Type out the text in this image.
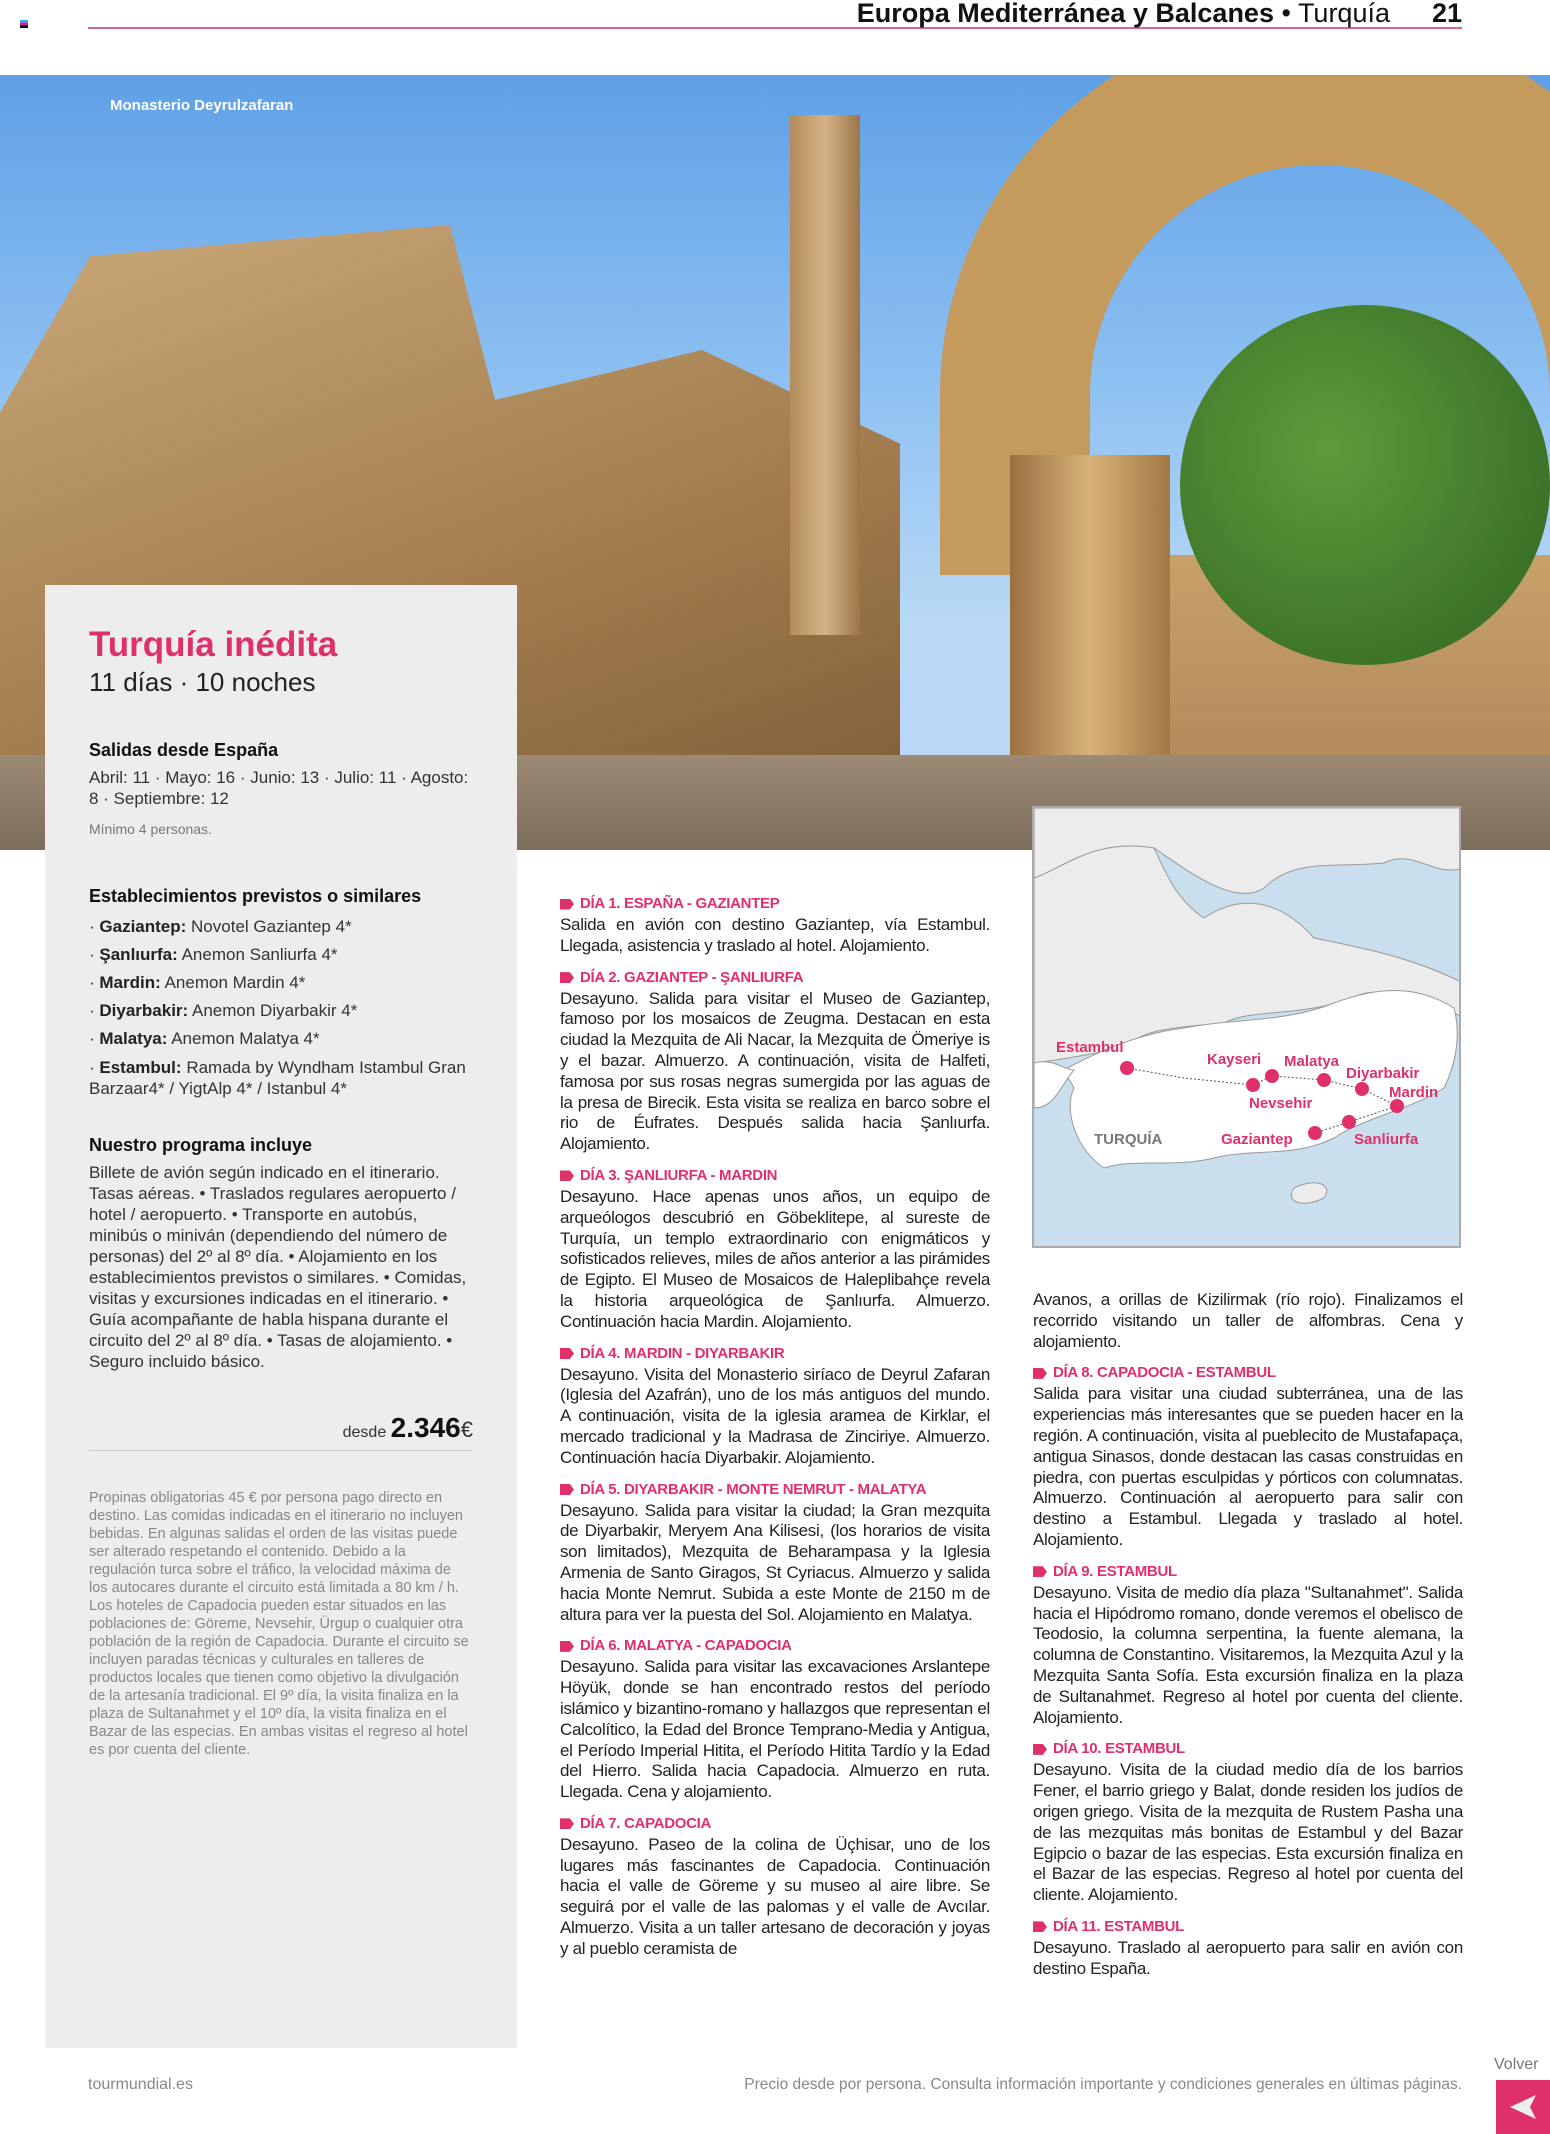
Europa Mediterránea y Balcanes • Turquía 21
Monasterio Deyrulzafaran
Turquía inédita
11 días · 10 noches
Salidas desde España
Abril: 11 · Mayo: 16 · Junio: 13 · Julio: 11 · Agosto: 8 · Septiembre: 12
Mínimo 4 personas.
Establecimientos previstos o similares
· Gaziantep: Novotel Gaziantep 4*
· Şanlıurfa: Anemon Sanliurfa 4*
· Mardin: Anemon Mardin 4*
· Diyarbakir: Anemon Diyarbakir 4*
· Malatya: Anemon Malatya 4*
· Estambul: Ramada by Wyndham Istambul Gran Barzaar4* / YigtAlp 4* / Istanbul 4*
Nuestro programa incluye
Billete de avión según indicado en el itinerario. Tasas aéreas. • Traslados regulares aeropuerto / hotel / aeropuerto. • Transporte en autobús, minibús o miniván (dependiendo del número de personas) del 2º al 8º día. • Alojamiento en los establecimientos previstos o similares. • Comidas, visitas y excursiones indicadas en el itinerario. • Guía acompañante de habla hispana durante el circuito del 2º al 8º día. • Tasas de alojamiento. • Seguro incluido básico.
desde 2.346€
Propinas obligatorias 45 € por persona pago directo en destino. Las comidas indicadas en el itinerario no incluyen bebidas. En algunas salidas el orden de las visitas puede ser alterado respetando el contenido. Debido a la regulación turca sobre el tráfico, la velocidad máxima de los autocares durante el circuito está limitada a 80 km / h. Los hoteles de Capadocia pueden estar situados en las poblaciones de: Göreme, Nevsehir, Ürgup o cualquier otra población de la región de Capadocia. Durante el circuito se incluyen paradas técnicas y culturales en talleres de productos locales que tienen como objetivo la divulgación de la artesanía tradicional. El 9º día, la visita finaliza en la plaza de Sultanahmet y el 10º día, la visita finaliza en el Bazar de las especias. En ambas visitas el regreso al hotel es por cuenta del cliente.
DÍA 1. ESPAÑA - GAZIANTEP
Salida en avión con destino Gaziantep, vía Estambul. Llegada, asistencia y traslado al hotel. Alojamiento.
DÍA 2. GAZIANTEP - ŞANLIURFA
Desayuno. Salida para visitar el Museo de Gaziantep, famoso por los mosaicos de Zeugma. Destacan en esta ciudad la Mezquita de Ali Nacar, la Mezquita de Ömeriye is y el bazar. Almuerzo. A continuación, visita de Halfeti, famosa por sus rosas negras sumergida por las aguas de la presa de Birecik. Esta visita se realiza en barco sobre el rio de Éufrates. Después salida hacia Şanlıurfa. Alojamiento.
DÍA 3. ŞANLIURFA - MARDIN
Desayuno. Hace apenas unos años, un equipo de arqueólogos descubrió en Göbeklitepe, al sureste de Turquía, un templo extraordinario con enigmáticos y sofisticados relieves, miles de años anterior a las pirámides de Egipto. El Museo de Mosaicos de Haleplibahçe revela la historia arqueológica de Şanlıurfa. Almuerzo. Continuación hacia Mardin. Alojamiento.
DÍA 4. MARDIN - DIYARBAKIR
Desayuno. Visita del Monasterio siríaco de Deyrul Zafaran (Iglesia del Azafrán), uno de los más antiguos del mundo. A continuación, visita de la iglesia aramea de Kirklar, el mercado tradicional y la Madrasa de Zinciriye. Almuerzo. Continuación hacía Diyarbakir. Alojamiento.
DÍA 5. DIYARBAKIR - MONTE NEMRUT - MALATYA
Desayuno. Salida para visitar la ciudad; la Gran mezquita de Diyarbakir, Meryem Ana Kilisesi, (los horarios de visita son limitados), Mezquita de Beharampasa y la Iglesia Armenia de Santo Giragos, St Cyriacus. Almuerzo y salida hacia Monte Nemrut. Subida a este Monte de 2150 m de altura para ver la puesta del Sol. Alojamiento en Malatya.
DÍA 6. MALATYA - CAPADOCIA
Desayuno. Salida para visitar las excavaciones Arslantepe Höyük, donde se han encontrado restos del período islámico y bizantino-romano y hallazgos que representan el Calcolítico, la Edad del Bronce Temprano-Media y Antigua, el Período Imperial Hitita, el Período Hitita Tardío y la Edad del Hierro. Salida hacia Capadocia. Almuerzo en ruta. Llegada. Cena y alojamiento.
DÍA 7. CAPADOCIA
Desayuno. Paseo de la colina de Üçhisar, uno de los lugares más fascinantes de Capadocia. Continuación hacia el valle de Göreme y su museo al aire libre. Se seguirá por el valle de las palomas y el valle de Avcılar. Almuerzo. Visita a un taller artesano de decoración y joyas y al pueblo ceramista de
Estambul
Kayseri
Nevsehir
Malatya
Diyarbakir
Mardin
Sanliurfa
Gaziantep
TURQUÍA
Avanos, a orillas de Kizilirmak (río rojo). Finalizamos el recorrido visitando un taller de alfombras. Cena y alojamiento.
DÍA 8. CAPADOCIA - ESTAMBUL
Salida para visitar una ciudad subterránea, una de las experiencias más interesantes que se pueden hacer en la región. A continuación, visita al pueblecito de Mustafapaça, antigua Sinasos, donde destacan las casas construidas en piedra, con puertas esculpidas y pórticos con columnatas. Almuerzo. Continuación al aeropuerto para salir con destino a Estambul. Llegada y traslado al hotel. Alojamiento.
DÍA 9. ESTAMBUL
Desayuno. Visita de medio día plaza "Sultanahmet". Salida hacia el Hipódromo romano, donde veremos el obelisco de Teodosio, la columna serpentina, la fuente alemana, la columna de Constantino. Visitaremos, la Mezquita Azul y la Mezquita Santa Sofía. Esta excursión finaliza en la plaza de Sultanahmet. Regreso al hotel por cuenta del cliente. Alojamiento.
DÍA 10. ESTAMBUL
Desayuno. Visita de la ciudad medio día de los barrios Fener, el barrio griego y Balat, donde residen los judíos de origen griego. Visita de la mezquita de Rustem Pasha una de las mezquitas más bonitas de Estambul y del Bazar Egipcio o bazar de las especias. Esta excursión finaliza en el Bazar de las especias. Regreso al hotel por cuenta del cliente. Alojamiento.
DÍA 11. ESTAMBUL
Desayuno. Traslado al aeropuerto para salir en avión con destino España.
tourmundial.es	Precio desde por persona. Consulta información importante y condiciones generales en últimas páginas.
Volver
